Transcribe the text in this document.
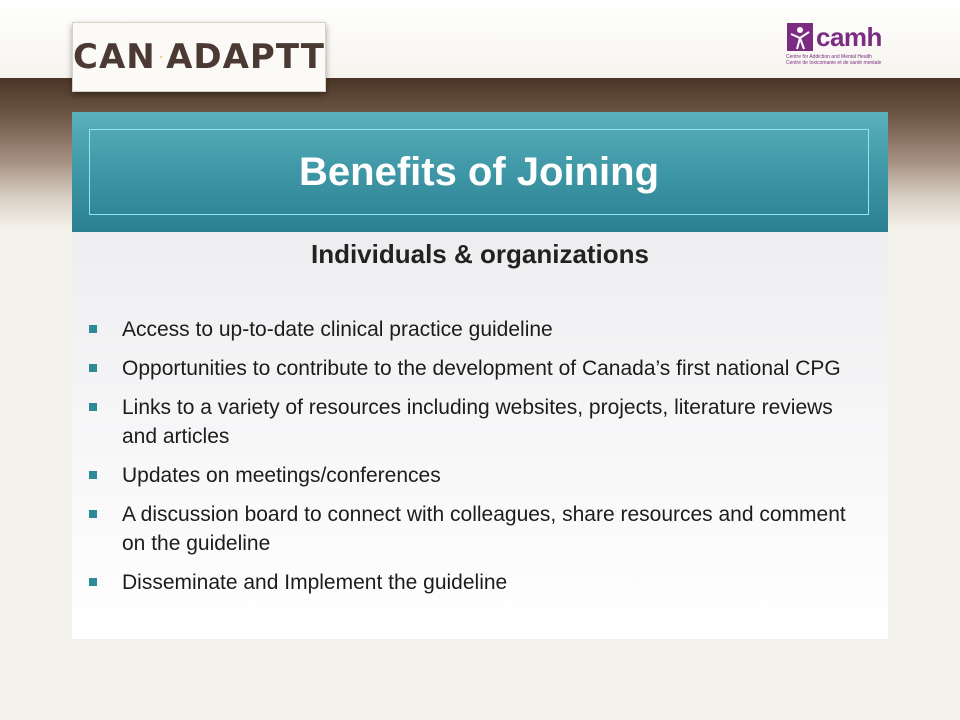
CAN ADAPTT	camh
Centre for Addiction and Mental Health
Centre de toxicomanie et de santé mentale
Benefits of Joining
Individuals & organizations
Access to up-to-date clinical practice guideline
Opportunities to contribute to the development of Canada’s first national CPG
Links to a variety of resources including websites, projects, literature reviews and articles
Updates on meetings/conferences
A discussion board to connect with colleagues, share resources and comment on the guideline
Disseminate and Implement the guideline
